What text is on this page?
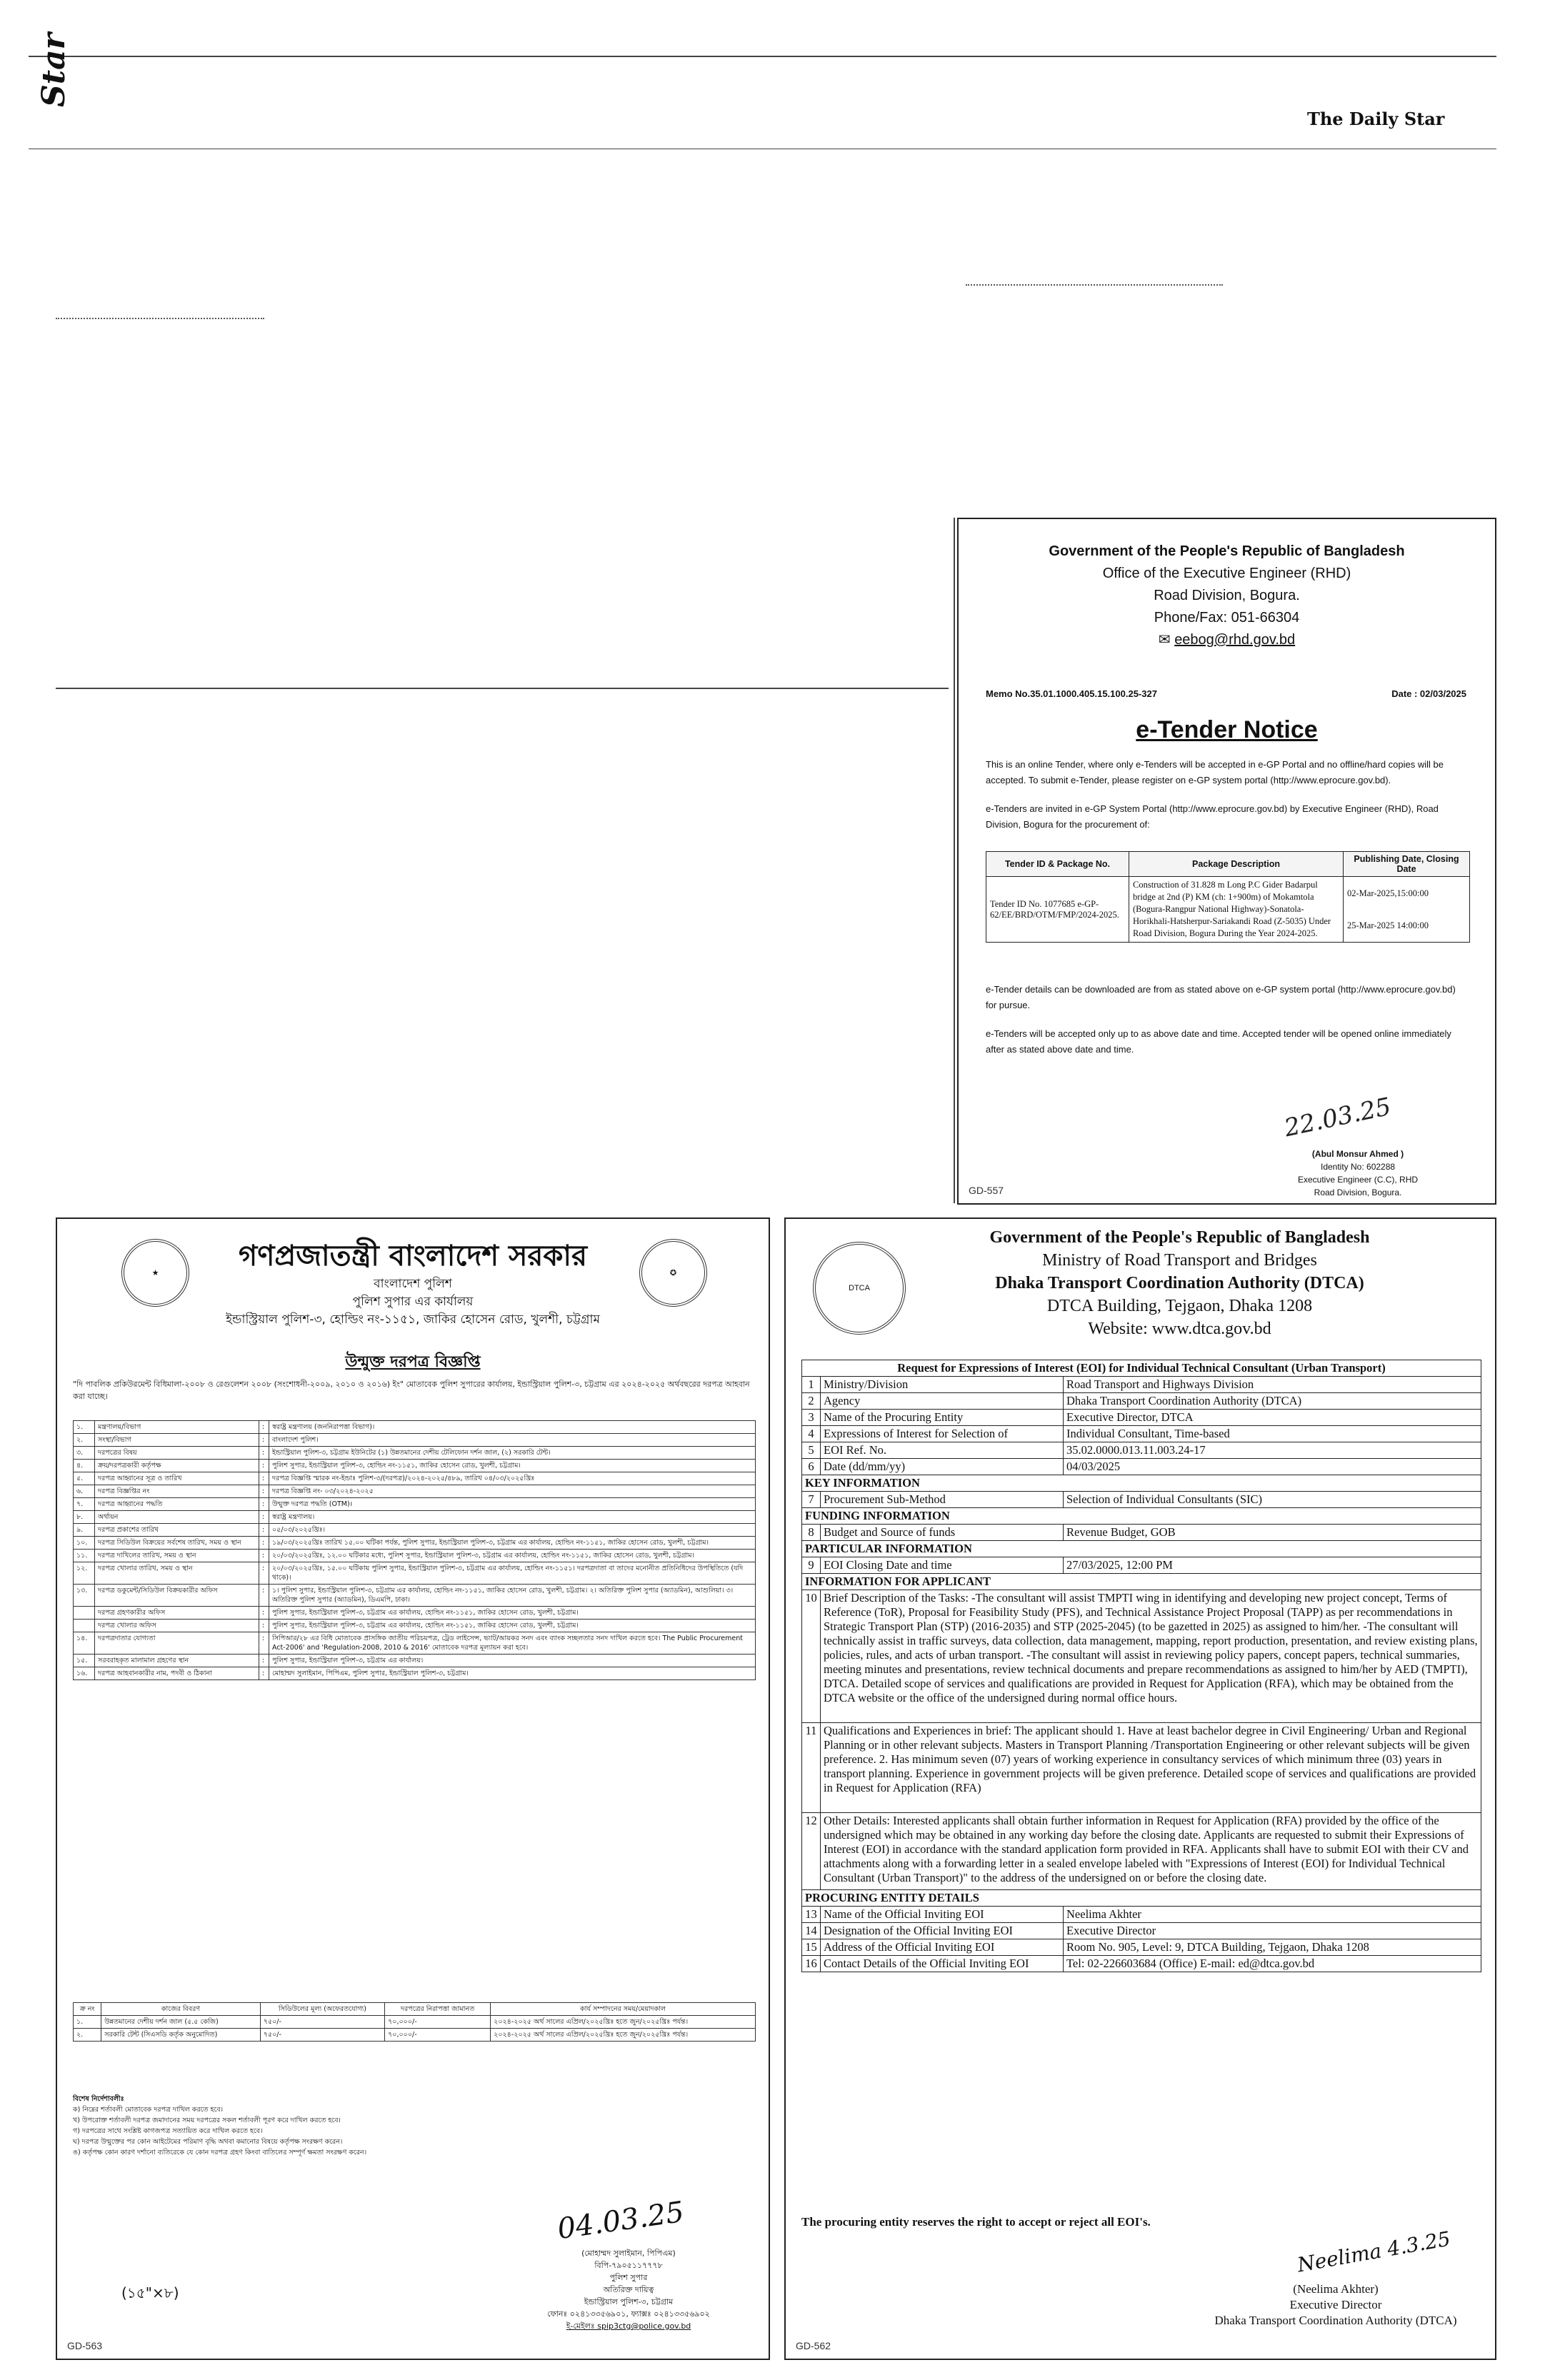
Star
The Daily Star
Government of the People's Republic of Bangladesh
Office of the Executive Engineer (RHD)
Road Division, Bogura.
Phone/Fax: 051-66304
✉ eebog@rhd.gov.bd
Memo No.35.01.1000.405.15.100.25-327	Date : 02/03/2025
e-Tender Notice
This is an online Tender, where only e-Tenders will be accepted in e-GP Portal and no offline/hard copies will be accepted. To submit e-Tender, please register on e-GP system portal (http://www.eprocure.gov.bd).
e-Tenders are invited in e-GP System Portal (http://www.eprocure.gov.bd) by Executive Engineer (RHD), Road Division, Bogura for the procurement of:
Tender ID & Package No.	Package Description	Publishing Date, Closing Date
Tender ID No. 1077685 e-GP-62/EE/BRD/OTM/FMP/2024-2025.	Construction of 31.828 m Long P.C Gider Badarpul bridge at 2nd (P) KM (ch: 1+900m) of Mokamtola (Bogura-Rangpur National Highway)-Sonatola-Horikhali-Hatsherpur-Sariakandi Road (Z-5035) Under Road Division, Bogura During the Year 2024-2025.	02-Mar-2025,15:00:00
25-Mar-2025 14:00:00
e-Tender details can be downloaded are from as stated above on e-GP system portal (http://www.eprocure.gov.bd) for pursue.
e-Tenders will be accepted only up to as above date and time. Accepted tender will be opened online immediately after as stated above date and time.
22.03.25
(Abul Monsur Ahmed )
Identity No: 602288
Executive Engineer (C.C), RHD
Road Division, Bogura.
GD-557
★	✪
গণপ্রজাতন্ত্রী বাংলাদেশ সরকার
বাংলাদেশ পুলিশ
পুলিশ সুপার এর কার্যালয়
ইন্ডাস্ট্রিয়াল পুলিশ-৩, হোল্ডিং নং-১১৫১, জাকির হোসেন রোড, খুলশী, চট্টগ্রাম
উন্মুক্ত দরপত্র বিজ্ঞপ্তি
"দি পাবলিক প্রকিউরমেন্ট বিধিমালা-২০০৮ ও রেগুলেশন ২০০৮ (সংশোধনী-২০০৯, ২০১০ ও ২০১৬) ইং" মোতাবেক পুলিশ সুপারের কার্যালয়, ইন্ডাস্ট্রিয়াল পুলিশ-৩, চট্টগ্রাম এর ২০২৪-২০২৫ অর্থবছরের দরপত্র আহবান করা যাচ্ছে।
১.	মন্ত্রণালয়/বিভাগ	:	স্বরাষ্ট্র মন্ত্রণালয় (জননিরাপত্তা বিভাগ)।
২.	সংস্থা/বিভাগ	:	বাংলাদেশ পুলিশ।
৩.	দরপত্রের বিষয়	:	ইন্ডাস্ট্রিয়াল পুলিশ-৩, চট্টগ্রাম ইউনিটের (১) উন্নতমানের দেশীয় টেলিফোন দর্শন জাল, (২) সরকারি টেন্ট।
৪.	ক্রয়/দরপত্রকারী কর্তৃপক্ষ	:	পুলিশ সুপার, ইন্ডাস্ট্রিয়াল পুলিশ-৩, হোল্ডিং নং-১১৫১, জাকির হোসেন রোড, খুলশী, চট্টগ্রাম।
৫.	দরপত্র আহ্বানের সূত্র ও তারিখ	:	দরপত্র বিজ্ঞপ্তি স্মারক নং-ইন্ডাঃ পুলিশ-৩/(দরপত্র)/২০২৪-২০২৫/৪৮৯, তারিখ ০৪/০৩/২০২৫খ্রিঃ
৬.	দরপত্র বিজ্ঞপ্তির নং	:	দরপত্র বিজ্ঞপ্তি নং- ০৩/২০২৪-২০২৫
৭.	দরপত্র আহ্বানের পদ্ধতি	:	উন্মুক্ত দরপত্র পদ্ধতি (OTM)।
৮.	অর্থায়ন	:	স্বরাষ্ট্র মন্ত্রণালয়।
৯.	দরপত্র প্রকাশের তারিখ	:	০৫/০৩/২০২৫খ্রিঃ।
১০.	দরপত্র সিডিউল বিক্রয়ের সর্বশেষ তারিখ, সময় ও স্থান	:	১৯/০৩/২০২৫খ্রিঃ তারিখ ১৫.০০ ঘটিকা পর্যন্ত, পুলিশ সুপার, ইন্ডাস্ট্রিয়াল পুলিশ-৩, চট্টগ্রাম এর কার্যালয়, হোল্ডিং নং-১১৫১, জাকির হোসেন রোড, খুলশী, চট্টগ্রাম।
১১.	দরপত্র দাখিলের তারিখ, সময় ও স্থান	:	২০/০৩/২০২৫খ্রিঃ, ১২.০০ ঘটিকার মধ্যে, পুলিশ সুপার, ইন্ডাস্ট্রিয়াল পুলিশ-৩, চট্টগ্রাম এর কার্যালয়, হোল্ডিং নং-১১৫১, জাকির হোসেন রোড, খুলশী, চট্টগ্রাম।
১২.	দরপত্র খোলার তারিখ, সময় ও স্থান	:	২০/০৩/২০২৫খ্রিঃ, ১৫.০০ ঘটিকায় পুলিশ সুপার, ইন্ডাস্ট্রিয়াল পুলিশ-৩, চট্টগ্রাম এর কার্যালয়, হোল্ডিং নং-১১৫১। দরপত্রদাতা বা তাদের মনোনীত প্রতিনিধিদের উপস্থিতিতে (যদি থাকে)।
১৩.	দরপত্র ডকুমেন্ট/সিডিউল বিক্রয়কারীর অফিস	:	১। পুলিশ সুপার, ইন্ডাস্ট্রিয়াল পুলিশ-৩, চট্টগ্রাম এর কার্যালয়, হোল্ডিং নং-১১৫১, জাকির হোসেন রোড, খুলশী, চট্টগ্রাম। ২। অতিরিক্ত পুলিশ সুপার (অ্যাডমিন), আশুলিয়া। ৩। অতিরিক্ত পুলিশ সুপার (অ্যাডমিন), ডিএমপি, ঢাকা।
	দরপত্র গ্রহণকারীর অফিস	:	পুলিশ সুপার, ইন্ডাস্ট্রিয়াল পুলিশ-৩, চট্টগ্রাম এর কার্যালয়, হোল্ডিং নং-১১৫১, জাকির হোসেন রোড, খুলশী, চট্টগ্রাম।
	দরপত্র খোলার অফিস	:	পুলিশ সুপার, ইন্ডাস্ট্রিয়াল পুলিশ-৩, চট্টগ্রাম এর কার্যালয়, হোল্ডিং নং-১১৫১, জাকির হোসেন রোড, খুলশী, চট্টগ্রাম।
১৪.	দরপত্রদাতার যোগ্যতা	:	সিপিআর/২৮ এর বিধি মোতাবেক প্রাসঙ্গিক জাতীয় পরিচয়পত্র, ট্রেড লাইসেন্স, ভ্যাট/আয়কর সনদ এবং ব্যাংক সচ্ছলতার সনদ দাখিল করতে হবে। The Public Procurement Act-2006' and 'Regulation-2008, 2010 & 2016' মোতাবেক দরপত্র মূল্যায়ন করা হবে।
১৫.	সরবরাহকৃত মালামাল গ্রহণের স্থান	:	পুলিশ সুপার, ইন্ডাস্ট্রিয়াল পুলিশ-৩, চট্টগ্রাম এর কার্যালয়।
১৬.	দরপত্র আহবানকারীর নাম, পদবী ও ঠিকানা	:	মোহাম্মদ সুলাইমান, পিপিএম, পুলিশ সুপার, ইন্ডাস্ট্রিয়াল পুলিশ-৩, চট্টগ্রাম।
ক্র নং	কাজের বিবরণ	সিডিউলের মূল্য (অফেরতযোগ্য)	দরপত্রের নিরাপত্তা জামানত	কার্য সম্পাদনের সময়/মেয়াদকাল
১.	উন্নতমানের দেশীয় দর্শন জাল (৫.৫ কেজি)	৭৫০/-	৭০,০০০/-	২০২৪-২০২৫ অর্থ সালের এপ্রিল/২০২৫খ্রিঃ হতে জুন/২০২৫খ্রিঃ পর্যন্ত।
২.	সরকারি টেন্ট (সিএসডি কর্তৃক অনুমোদিত)	৭৫০/-	৭০,০০০/-	২০২৪-২০২৫ অর্থ সালের এপ্রিল/২০২৫খ্রিঃ হতে জুন/২০২৫খ্রিঃ পর্যন্ত।
বিশেষ নির্দেশাবলীঃ
ক) নিম্নের শর্তাবলী মোতাবেক দরপত্র দাখিল করতে হবে।
খ) উপরোক্ত শর্তাবলী দরপত্র জমাদানের সময় দরপত্রের সকল শর্তাবলী পূরণ করে দাখিল করতে হবে।
গ) দরপত্রের সাথে সংশ্লিষ্ট কাগজপত্র সত্যায়িত করে দাখিল করতে হবে।
ঘ) দরপত্র উন্মুক্তের পর কোন আইটেমের পরিমাণ বৃদ্ধি অথবা কমানোর বিষয়ে কর্তৃপক্ষ সংরক্ষণ করেন।
ঙ) কর্তৃপক্ষ কোন কারণ দর্শানো ব্যতিরেকে যে কোন দরপত্র গ্রহণ কিংবা বাতিলের সম্পূর্ণ ক্ষমতা সংরক্ষণ করেন।
04.03.25
(মোহাম্মদ সুলাইমান, পিপিএম)
বিপি-৭৯০৫১১৭৭৭৮
পুলিশ সুপার
অতিরিক্ত দায়িত্ব
ইন্ডাস্ট্রিয়াল পুলিশ-৩, চট্টগ্রাম
ফোনঃ ০২৪১৩৩৫৬৯০১, ফ্যাক্সঃ ০২৪১৩৩৫৬৯০২
ই-মেইলঃ spip3ctg@police.gov.bd
(১৫"×৮)
GD-563
DTCA
Government of the People's Republic of Bangladesh
Ministry of Road Transport and Bridges
Dhaka Transport Coordination Authority (DTCA)
DTCA Building, Tejgaon, Dhaka 1208
Website: www.dtca.gov.bd
Request for Expressions of Interest (EOI) for Individual Technical Consultant (Urban Transport)		
1	Ministry/Division	Road Transport and Highways Division
2	Agency	Dhaka Transport Coordination Authority (DTCA)
3	Name of the Procuring Entity	Executive Director, DTCA
4	Expressions of Interest for Selection of	Individual Consultant, Time-based
5	EOI Ref. No.	35.02.0000.013.11.003.24-17
6	Date (dd/mm/yy)	04/03/2025
KEY INFORMATION		
7	Procurement Sub-Method	Selection of Individual Consultants (SIC)
FUNDING INFORMATION		
8	Budget and Source of funds	Revenue Budget, GOB
PARTICULAR INFORMATION		
9	EOI Closing Date and time	27/03/2025, 12:00 PM
INFORMATION FOR APPLICANT		
10	Brief Description of the Tasks: -The consultant will assist TMPTI wing in identifying and developing new project concept, Terms of Reference (ToR), Proposal for Feasibility Study (PFS), and Technical Assistance Project Proposal (TAPP) as per recommendations in Strategic Transport Plan (STP) (2016-2035) and STP (2025-2045) (to be gazetted in 2025) as assigned to him/her. -The consultant will technically assist in traffic surveys, data collection, data management, mapping, report production, presentation, and review existing plans, policies, rules, and acts of urban transport. -The consultant will assist in reviewing policy papers, concept papers, technical summaries, meeting minutes and presentations, review technical documents and prepare recommendations as assigned to him/her by AED (TMPTI), DTCA. Detailed scope of services and qualifications are provided in Request for Application (RFA), which may be obtained from the DTCA website or the office of the undersigned during normal office hours.	
11	Qualifications and Experiences in brief: The applicant should 1. Have at least bachelor degree in Civil Engineering/ Urban and Regional Planning or in other relevant subjects. Masters in Transport Planning /Transportation Engineering or other relevant subjects will be given preference. 2. Has minimum seven (07) years of working experience in consultancy services of which minimum three (03) years in transport planning. Experience in government projects will be given preference. Detailed scope of services and qualifications are provided in Request for Application (RFA)	
12	Other Details: Interested applicants shall obtain further information in Request for Application (RFA) provided by the office of the undersigned which may be obtained in any working day before the closing date. Applicants are requested to submit their Expressions of Interest (EOI) in accordance with the standard application form provided in RFA. Applicants shall have to submit EOI with their CV and attachments along with a forwarding letter in a sealed envelope labeled with "Expressions of Interest (EOI) for Individual Technical Consultant (Urban Transport)" to the address of the undersigned on or before the closing date.	
PROCURING ENTITY DETAILS		
13	Name of the Official Inviting EOI	Neelima Akhter
14	Designation of the Official Inviting EOI	Executive Director
15	Address of the Official Inviting EOI	Room No. 905, Level: 9, DTCA Building, Tejgaon, Dhaka 1208
16	Contact Details of the Official Inviting EOI	Tel: 02-226603684 (Office) E-mail: ed@dtca.gov.bd
The procuring entity reserves the right to accept or reject all EOI's.
Neelima 4.3.25
(Neelima Akhter)
Executive Director
Dhaka Transport Coordination Authority (DTCA)
GD-562
